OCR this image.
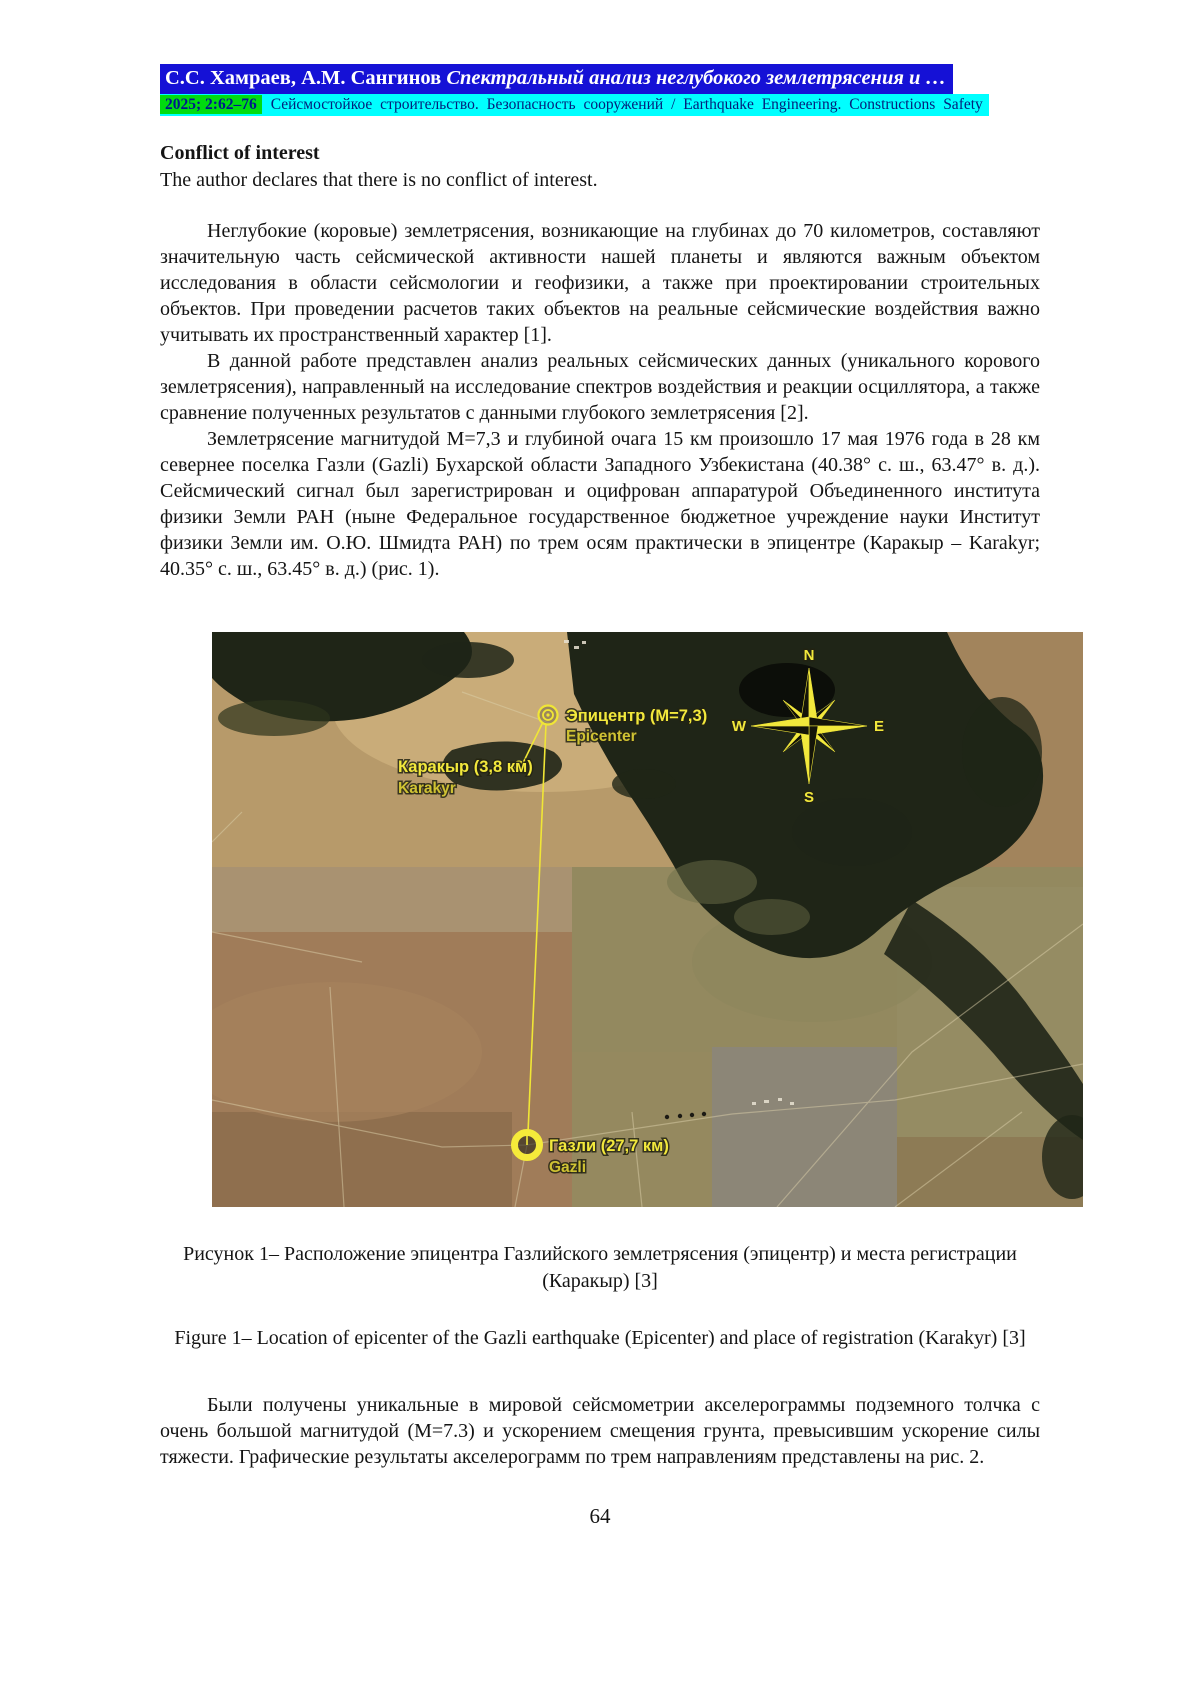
С.С. Хамраев, А.М. Сангинов Спектральный анализ неглубокого землетрясения и … 2025; 2:62–76 Сейсмостойкое строительство. Безопасность сооружений / Earthquake Engineering. Constructions Safety
Conflict of interest

The author declares that there is no conflict of interest.

Неглубокие (коровые) землетрясения, возникающие на глубинах до 70 километров, составляют значительную часть сейсмической активности нашей планеты и являются важным объектом исследования в области сейсмологии и геофизики, а также при проектировании строительных объектов. При проведении расчетов таких объектов на реальные сейсмические воздействия важно учитывать их пространственный характер [1].

В данной работе представлен анализ реальных сейсмических данных (уникального корового землетрясения), направленный на исследование спектров воздействия и реакции осциллятора, а также сравнение полученных результатов с данными глубокого землетрясения [2].

Землетрясение магнитудой М=7,3 и глубиной очага 15 км произошло 17 мая 1976 года в 28 км севернее поселка Газли (Gazli) Бухарской области Западного Узбекистана (40.38° с. ш., 63.47° в. д.). Сейсмический сигнал был зарегистрирован и оцифрован аппаратурой Объединенного института физики Земли РАН (ныне Федеральное государственное бюджетное учреждение науки Институт физики Земли им. О.Ю. Шмидта РАН) по трем осям практически в эпицентре (Каракыр – Karakyr; 40.35° с. ш., 63.45° в. д.) (рис. 1).

Эпицентр (М=7,3)
Epicenter
Каракыр (3,8 км)
Karakyr
Газли (27,7 км)
Gazli
N
W	E
S

Рисунок 1– Расположение эпицентра Газлийского землетрясения (эпицентр) и места регистрации (Каракыр) [3]

Figure 1– Location of epicenter of the Gazli earthquake (Epicenter) and place of registration (Karakyr) [3]

Были получены уникальные в мировой сейсмометрии акселерограммы подземного толчка с очень большой магнитудой (М=7.3) и ускорением смещения грунта, превысившим ускорение силы тяжести. Графические результаты акселерограмм по трем направлениям представлены на рис. 2.

64
